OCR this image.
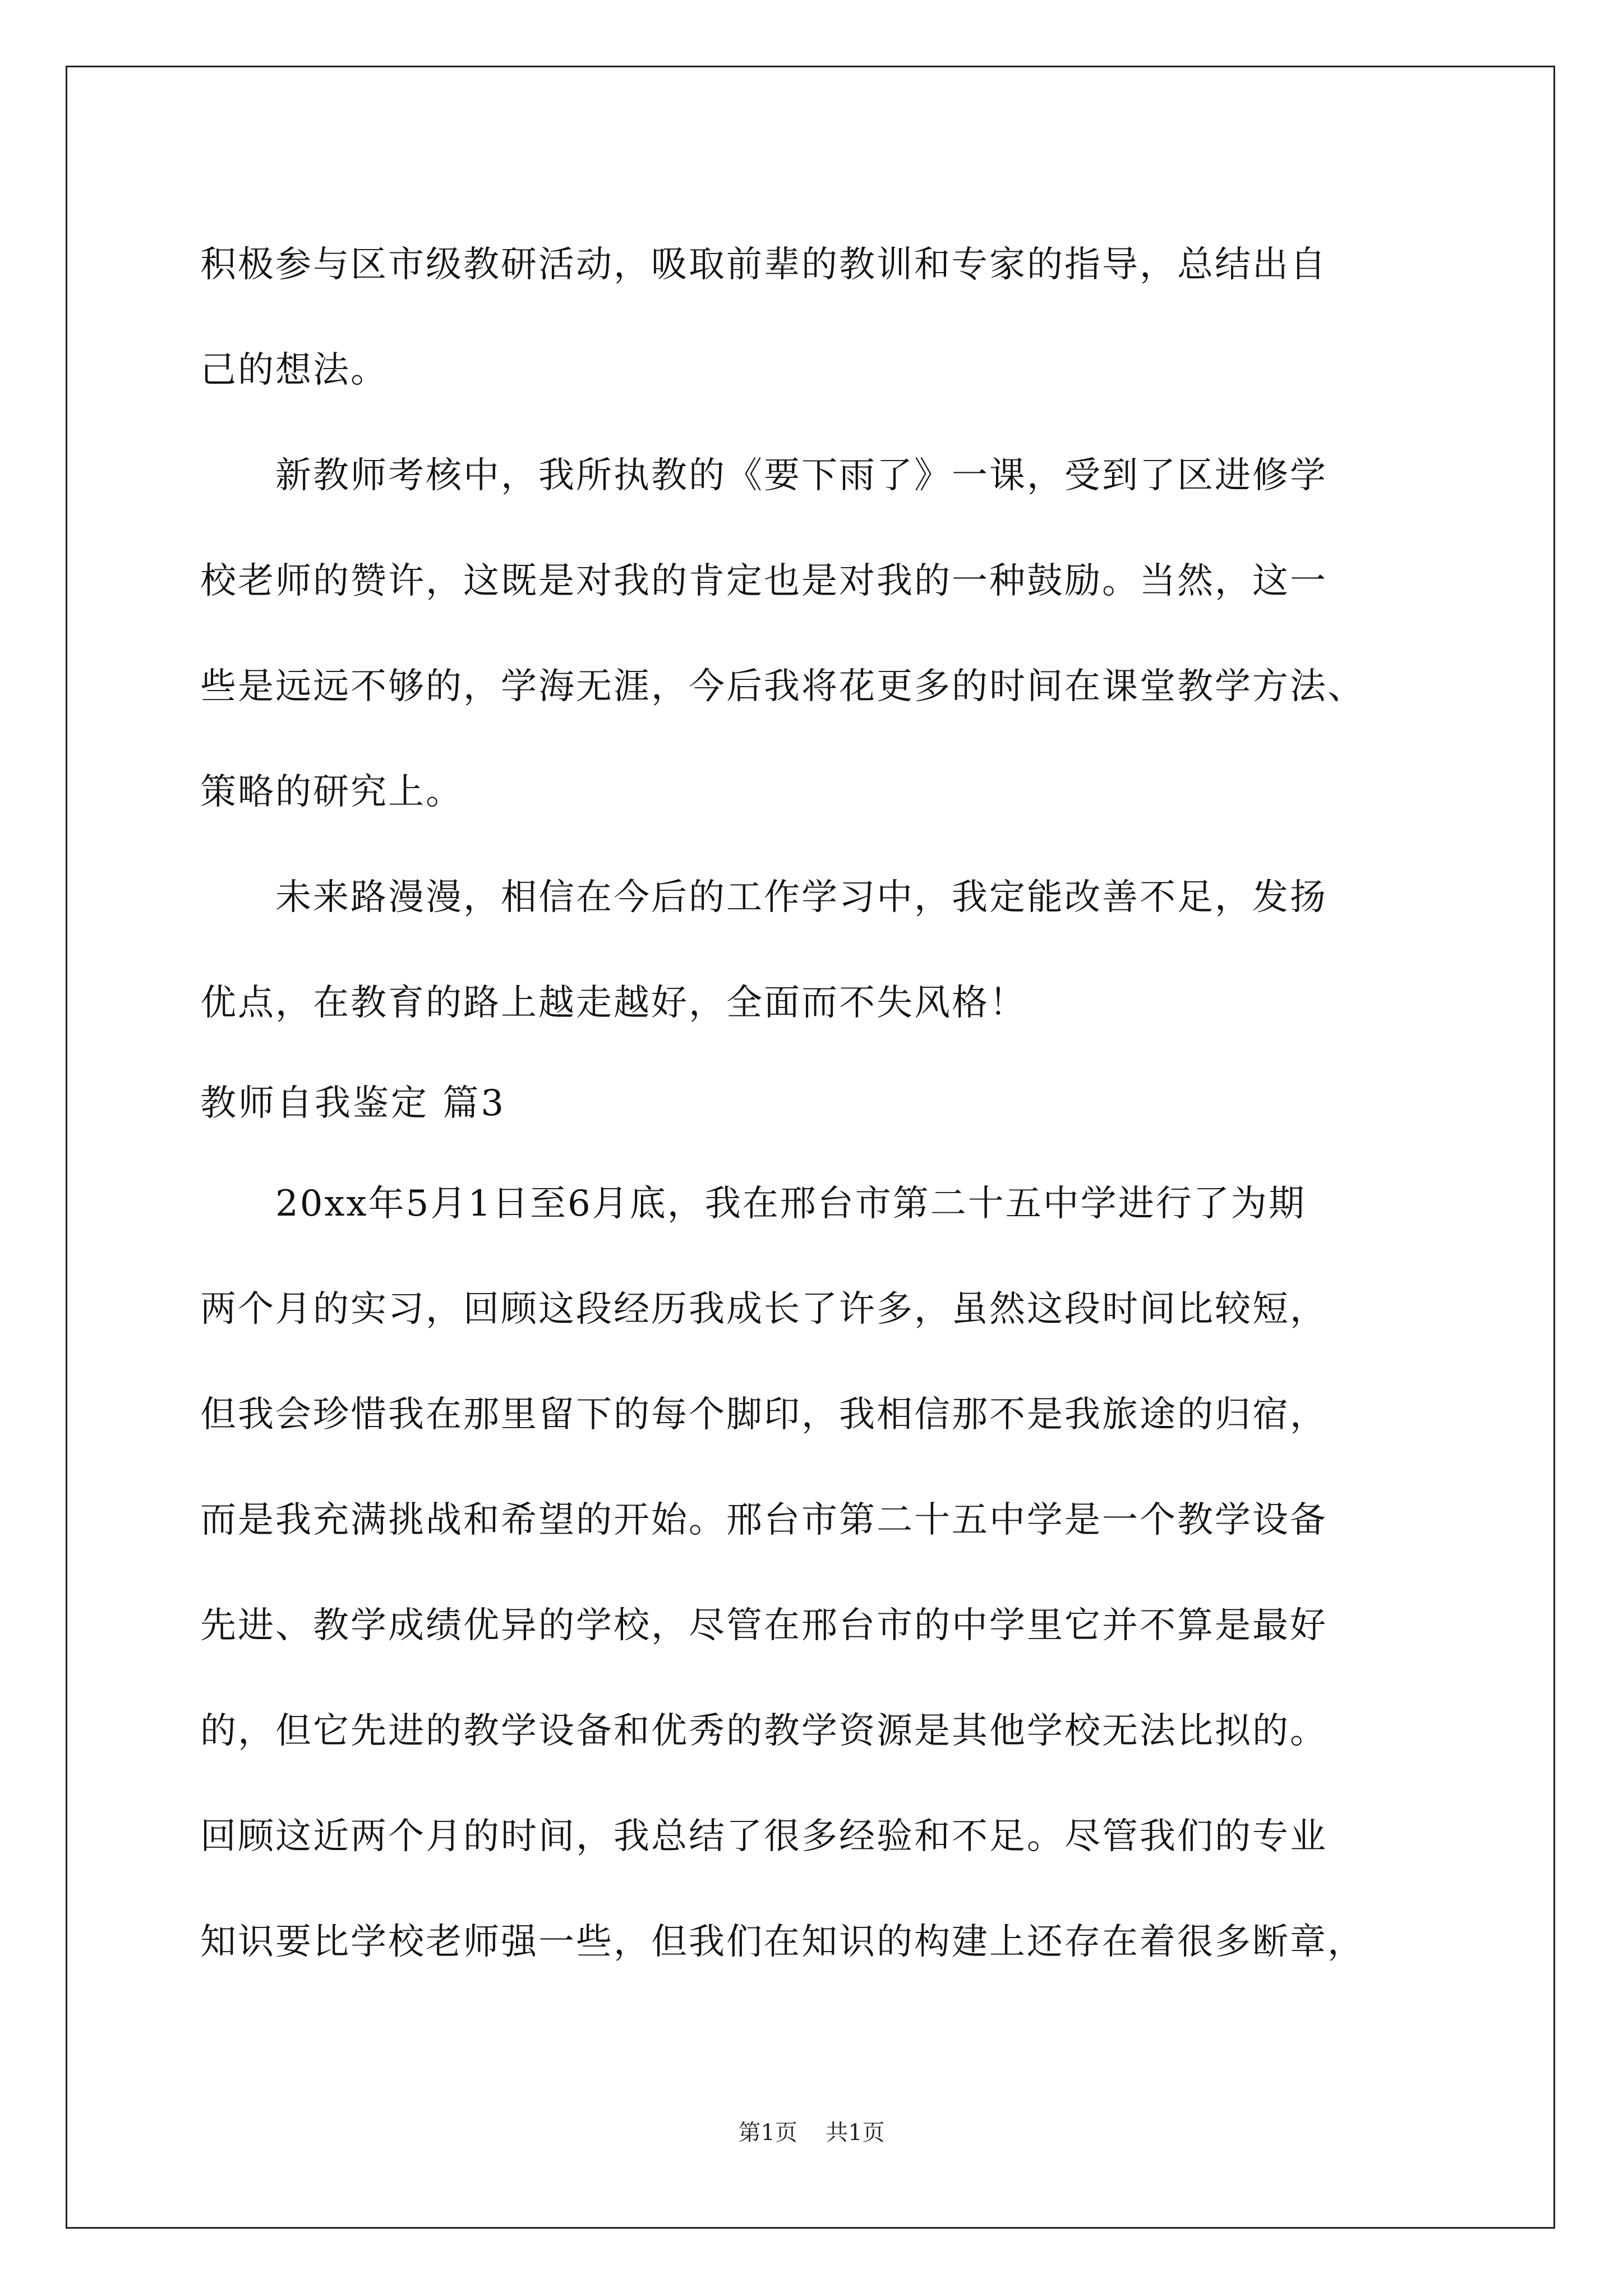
积极参与区市级教研活动，吸取前辈的教训和专家的指导，总结出自
己的想法。
　　新教师考核中，我所执教的《要下雨了》一课，受到了区进修学
校老师的赞许，这既是对我的肯定也是对我的一种鼓励。当然，这一
些是远远不够的，学海无涯，今后我将花更多的时间在课堂教学方法、
策略的研究上。
　　未来路漫漫，相信在今后的工作学习中，我定能改善不足，发扬
优点，在教育的路上越走越好，全面而不失风格！
教师自我鉴定 篇3
　　20xx年5月1日至6月底，我在邢台市第二十五中学进行了为期
两个月的实习，回顾这段经历我成长了许多，虽然这段时间比较短，
但我会珍惜我在那里留下的每个脚印，我相信那不是我旅途的归宿，
而是我充满挑战和希望的开始。邢台市第二十五中学是一个教学设备
先进、教学成绩优异的学校，尽管在邢台市的中学里它并不算是最好
的，但它先进的教学设备和优秀的教学资源是其他学校无法比拟的。
回顾这近两个月的时间，我总结了很多经验和不足。尽管我们的专业
知识要比学校老师强一些，但我们在知识的构建上还存在着很多断章，
第1页 共1页
